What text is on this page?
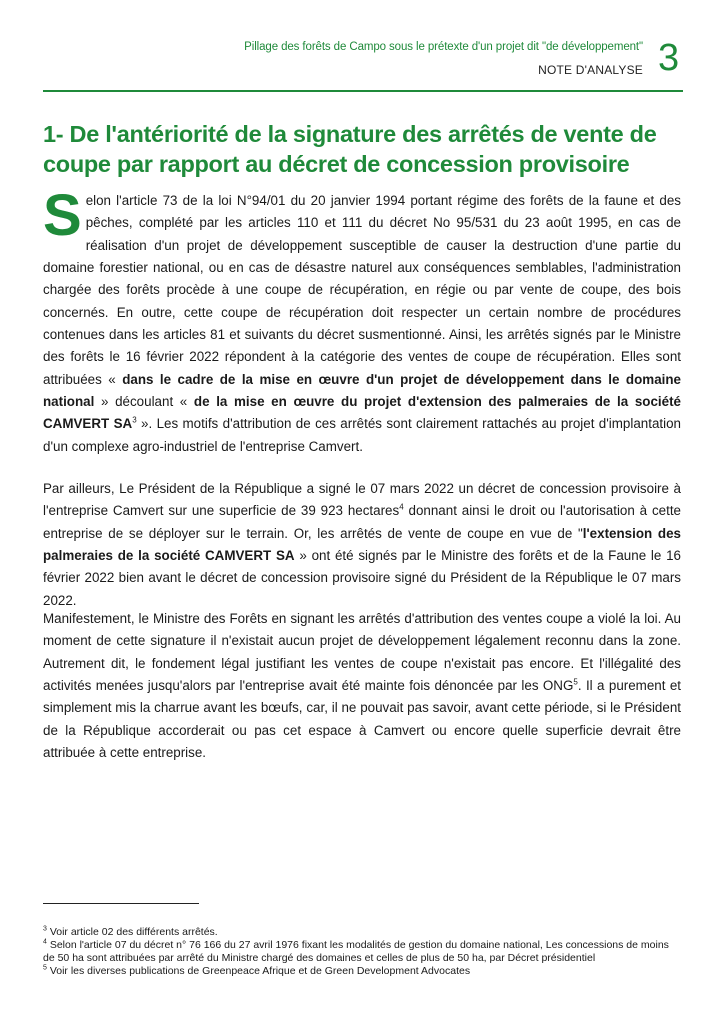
Pillage des forêts de Campo sous le prétexte d'un projet dit "de développement"
NOTE D'ANALYSE 3
1- De l'antériorité de la signature des arrêtés de vente de coupe par rapport au décret de concession provisoire

Selon l'article 73 de la loi N°94/01 du 20 janvier 1994 portant régime des forêts de la faune et des pêches, complété par les articles 110 et 111 du décret No 95/531 du 23 août 1995, en cas de réalisation d'un projet de développement susceptible de causer la destruction d'une partie du domaine forestier national, ou en cas de désastre naturel aux conséquences semblables, l'administration chargée des forêts procède à une coupe de récupération, en régie ou par vente de coupe, des bois concernés. En outre, cette coupe de récupération doit respecter un certain nombre de procédures contenues dans les articles 81 et suivants du décret susmentionné. Ainsi, les arrêtés signés par le Ministre des forêts le 16 février 2022 répondent à la catégorie des ventes de coupe de récupération. Elles sont attribuées « dans le cadre de la mise en œuvre d'un projet de développement dans le domaine national » découlant « de la mise en œuvre du projet d'extension des palmeraies de la société CAMVERT $SA^3$ ». Les motifs d'attribution de ces arrêtés sont clairement rattachés au projet d'implantation d'un complexe agro-industriel de l'entreprise Camvert.

Par ailleurs, Le Président de la République a signé le 07 mars 2022 un décret de concession provisoire à l'entreprise Camvert sur une superficie de 39 923 hectares$^4$ donnant ainsi le droit ou l'autorisation à cette entreprise de se déployer sur le terrain. Or, les arrêtés de vente de coupe en vue de "l'extension des palmeraies de la société CAMVERT SA » ont été signés par le Ministre des forêts et de la Faune le 16 février 2022 bien avant le décret de concession provisoire signé du Président de la République le 07 mars 2022.

Manifestement, le Ministre des Forêts en signant les arrêtés d'attribution des ventes coupe a violé la loi. Au moment de cette signature il n'existait aucun projet de développement légalement reconnu dans la zone. Autrement dit, le fondement légal justifiant les ventes de coupe n'existait pas encore. Et l'illégalité des activités menées jusqu'alors par l'entreprise avait été mainte fois dénoncée par les ONG$^5$. Il a purement et simplement mis la charrue avant les bœufs, car, il ne pouvait pas savoir, avant cette période, si le Président de la République accorderait ou pas cet espace à Camvert ou encore quelle superficie devrait être attribuée à cette entreprise.

$^3$ Voir article 02 des différents arrêtés.

$^4$ Selon l'article 07 du décret n° 76 166 du 27 avril 1976 fixant les modalités de gestion du domaine national, Les concessions de moins de 50 ha sont attribuées par arrêté du Ministre chargé des domaines et celles de plus de 50 ha, par Décret présidentiel

$^5$ Voir les diverses publications de Greenpeace Afrique et de Green Development Advocates
